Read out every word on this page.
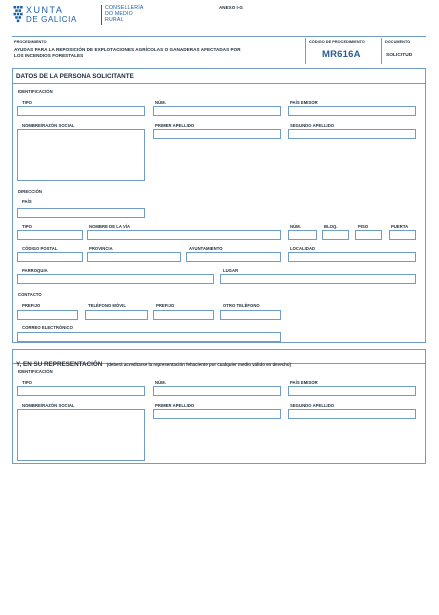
XUNTA
DE GALICIA
CONSELLERÍA
DO MEDIO
RURAL
ANEXO I-G
PROCEDIMIENTO
AYUDAS PARA LA REPOSICIÓN DE EXPLOTACIONES AGRÍCOLAS O GANADERAS AFECTADAS POR
LOS INCENDIOS FORESTALES
CÓDIGO DE PROCEDIMIENTO
MR616A
DOCUMENTO
SOLICITUD
DATOS DE LA PERSONA SOLICITANTE
IDENTIFICACIÓN
TIPO	NÚM.	PAÍS EMISOR
NOMBRE/RAZÓN SOCIAL	PRIMER APELLIDO	SEGUNDO APELLIDO
DIRECCIÓN
PAÍS
TIPO	NOMBRE DE LA VÍA	NÚM.	BLOQ.	PISO	PUERTA
CÓDIGO POSTAL	PROVINCIA	AYUNTAMIENTO	LOCALIDAD
PARROQUIA	LUGAR
CONTACTO
PREFIJO	TELÉFONO MÓVIL	PREFIJO	OTRO TELÉFONO
CORREO ELECTRÓNICO
Y, EN SU REPRESENTACIÓN (deberá acreditarse la representación fehaciente por cualquier medio válido en derecho)
IDENTIFICACIÓN
TIPO	NÚM.	PAÍS EMISOR
NOMBRE/RAZÓN SOCIAL	PRIMER APELLIDO	SEGUNDO APELLIDO
